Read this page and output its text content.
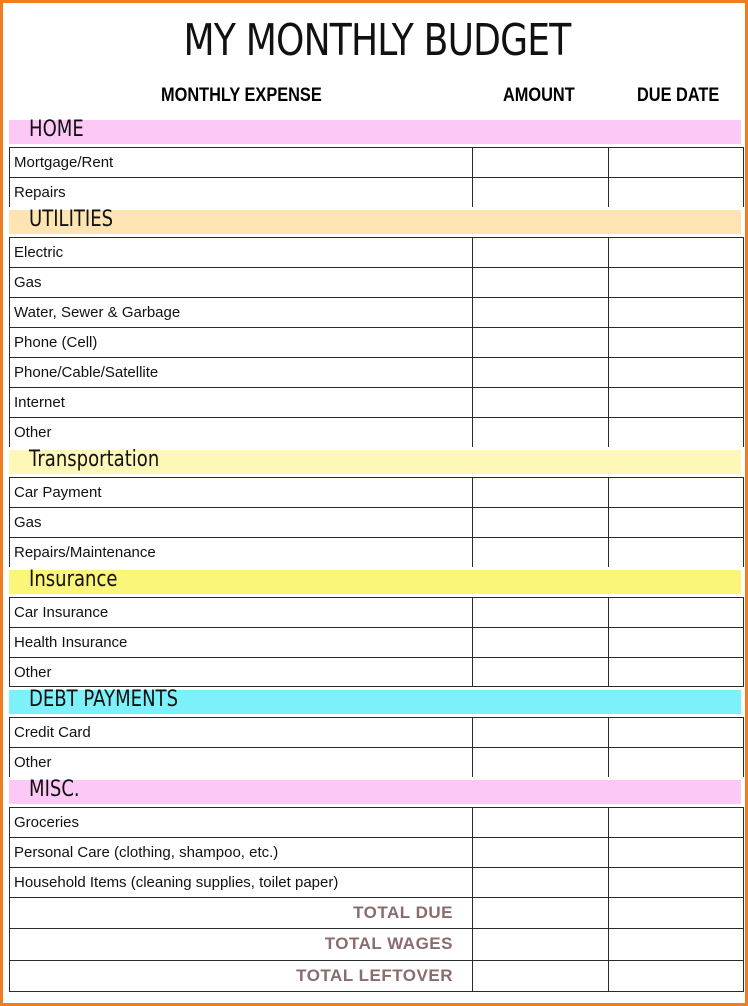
MY MONTHLY BUDGET
MONTHLY EXPENSE	AMOUNT	DUE DATE
HOME
Mortgage/Rent
Repairs
UTILITIES
Electric
Gas
Water, Sewer & Garbage
Phone (Cell)
Phone/Cable/Satellite
Internet
Other
Transportation
Car Payment
Gas
Repairs/Maintenance
Insurance
Car Insurance
Health Insurance
Other
DEBT PAYMENTS
Credit Card
Other
MISC.
Groceries
Personal Care (clothing, shampoo, etc.)
Household Items (cleaning supplies, toilet paper)
TOTAL DUE
TOTAL WAGES
TOTAL LEFTOVER
